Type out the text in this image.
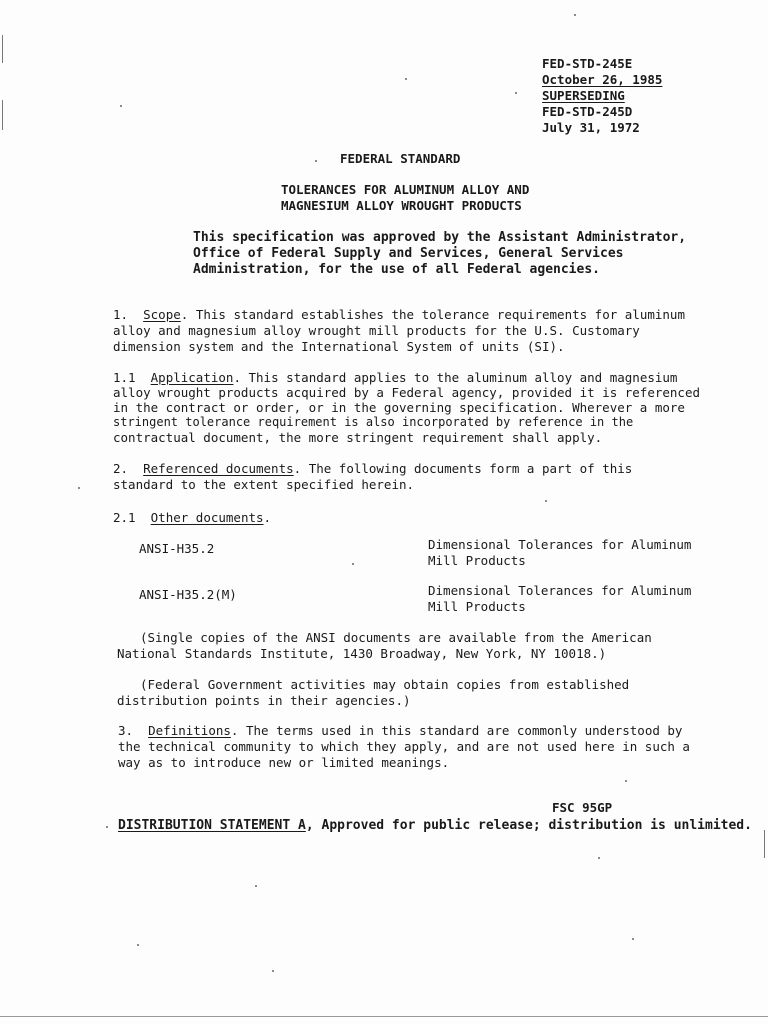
FED-STD-245E
October 26, 1985
SUPERSEDING
FED-STD-245D
July 31, 1972
FEDERAL STANDARD
TOLERANCES FOR ALUMINUM ALLOY AND
MAGNESIUM ALLOY WROUGHT PRODUCTS
This specification was approved by the Assistant Administrator,
Office of Federal Supply and Services, General Services
Administration, for the use of all Federal agencies.
1. Scope. This standard establishes the tolerance requirements for aluminum
alloy and magnesium alloy wrought mill products for the U.S. Customary
dimension system and the International System of units (SI).
1.1 Application. This standard applies to the aluminum alloy and magnesium
alloy wrought products acquired by a Federal agency, provided it is referenced
in the contract or order, or in the governing specification. Wherever a more
stringent tolerance requirement is also incorporated by reference in the
contractual document, the more stringent requirement shall apply.
2. Referenced documents. The following documents form a part of this
standard to the extent specified herein.
2.1 Other documents.
ANSI-H35.2	Dimensional Tolerances for Aluminum
Mill Products
ANSI-H35.2(M)	Dimensional Tolerances for Aluminum
Mill Products
(Single copies of the ANSI documents are available from the American
National Standards Institute, 1430 Broadway, New York, NY 10018.)
(Federal Government activities may obtain copies from established
distribution points in their agencies.)
3. Definitions. The terms used in this standard are commonly understood by
the technical community to which they apply, and are not used here in such a
way as to introduce new or limited meanings.
FSC 95GP
DISTRIBUTION STATEMENT A, Approved for public release; distribution is unlimited.
